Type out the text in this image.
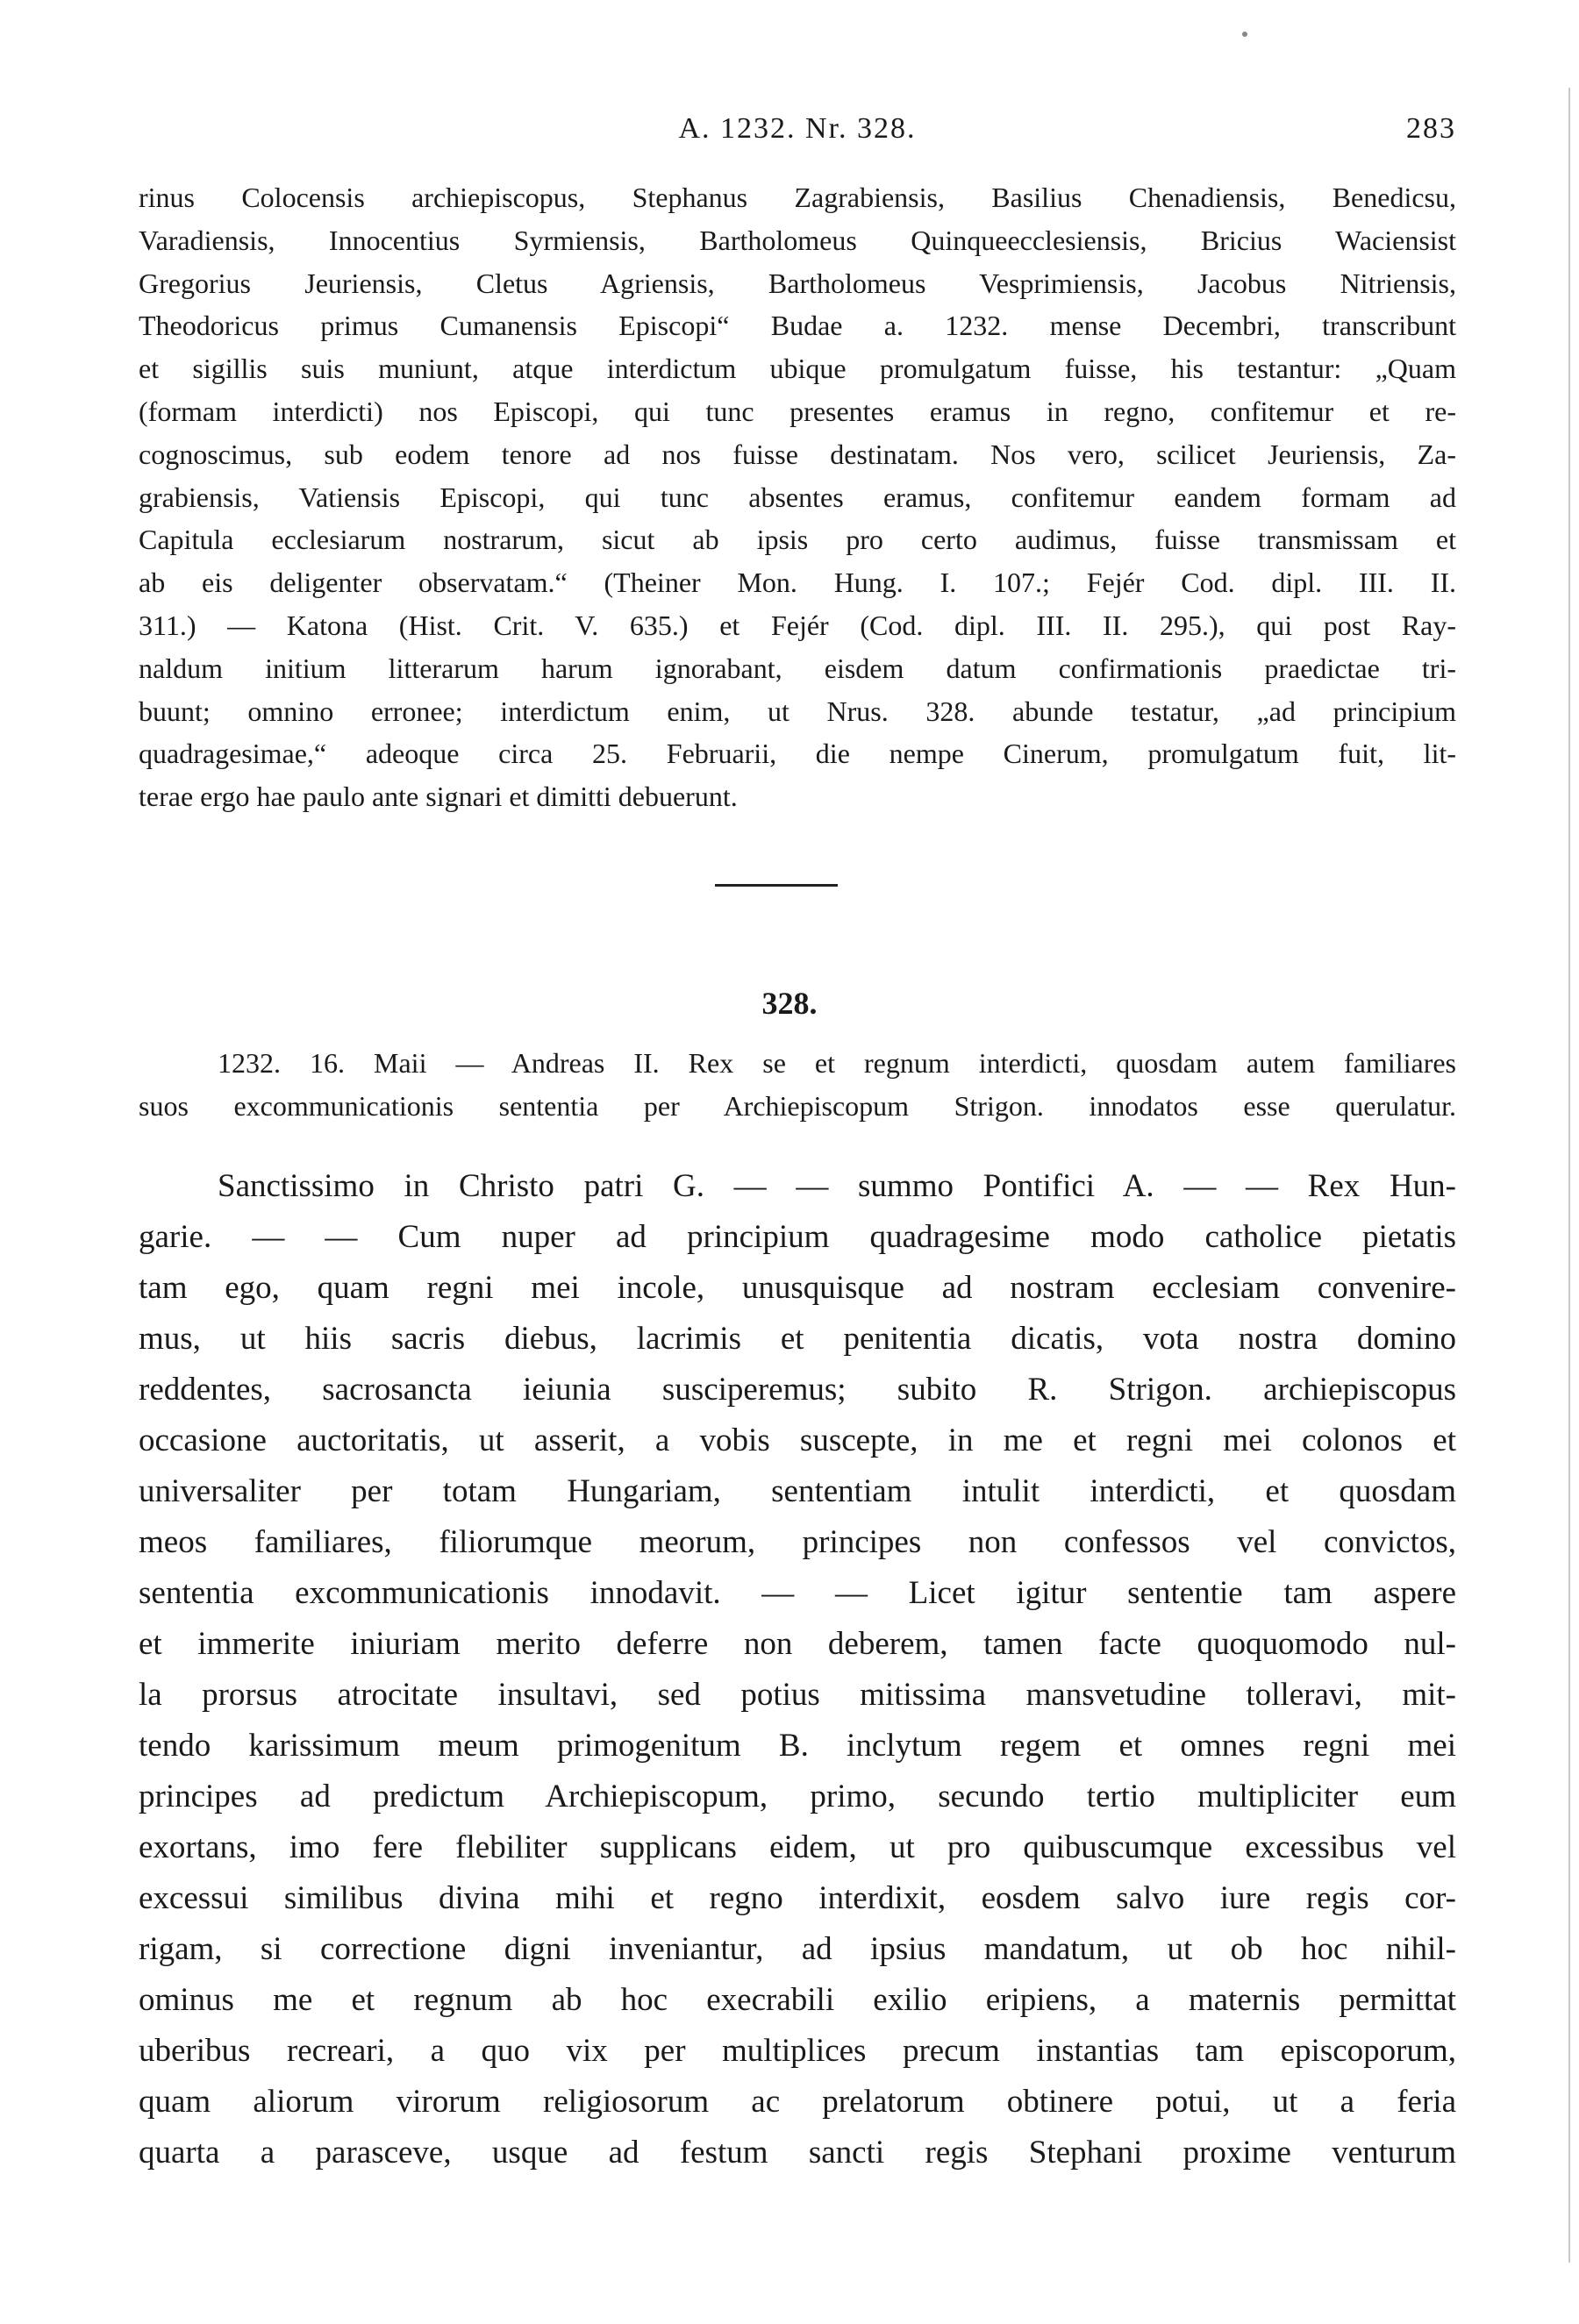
A. 1232. Nr. 328.	283
rinus Colocensis archiepiscopus, Stephanus Zagrabiensis, Basilius Chenadiensis, Benedicsu,
Varadiensis, Innocentius Syrmiensis, Bartholomeus Quinqueecclesiensis, Bricius Waciensist
Gregorius Jeuriensis, Cletus Agriensis, Bartholomeus Vesprimiensis, Jacobus Nitriensis,
Theodoricus primus Cumanensis Episcopi“ Budae a. 1232. mense Decembri, transcribunt
et sigillis suis muniunt, atque interdictum ubique promulgatum fuisse, his testantur: „Quam
(formam interdicti) nos Episcopi, qui tunc presentes eramus in regno, confitemur et re-
cognoscimus, sub eodem tenore ad nos fuisse destinatam. Nos vero, scilicet Jeuriensis, Za-
grabiensis, Vatiensis Episcopi, qui tunc absentes eramus, confitemur eandem formam ad
Capitula ecclesiarum nostrarum, sicut ab ipsis pro certo audimus, fuisse transmissam et
ab eis deligenter observatam.“ (Theiner Mon. Hung. I. 107.; Fejér Cod. dipl. III. II.
311.) — Katona (Hist. Crit. V. 635.) et Fejér (Cod. dipl. III. II. 295.), qui post Ray-
naldum initium litterarum harum ignorabant, eisdem datum confirmationis praedictae tri-
buunt; omnino erronee; interdictum enim, ut Nrus. 328. abunde testatur, „ad principium
quadragesimae,“ adeoque circa 25. Februarii, die nempe Cinerum, promulgatum fuit, lit-
terae ergo hae paulo ante signari et dimitti debuerunt.
328.
1232. 16. Maii — Andreas II. Rex se et regnum interdicti, quosdam autem familiares
suos excommunicationis sententia per Archiepiscopum Strigon. innodatos esse querulatur.
Sanctissimo in Christo patri G. — — summo Pontifici A. — — Rex Hun-
garie. — — Cum nuper ad principium quadragesime modo catholice pietatis
tam ego, quam regni mei incole, unusquisque ad nostram ecclesiam convenire-
mus, ut hiis sacris diebus, lacrimis et penitentia dicatis, vota nostra domino
reddentes, sacrosancta ieiunia susciperemus; subito R. Strigon. archiepiscopus
occasione auctoritatis, ut asserit, a vobis suscepte, in me et regni mei colonos et
universaliter per totam Hungariam, sententiam intulit interdicti, et quosdam
meos familiares, filiorumque meorum, principes non confessos vel convictos,
sententia excommunicationis innodavit. — — Licet igitur sententie tam aspere
et immerite iniuriam merito deferre non deberem, tamen facte quoquomodo nul-
la prorsus atrocitate insultavi, sed potius mitissima mansvetudine tolleravi, mit-
tendo karissimum meum primogenitum B. inclytum regem et omnes regni mei
principes ad predictum Archiepiscopum, primo, secundo tertio multipliciter eum
exortans, imo fere flebiliter supplicans eidem, ut pro quibuscumque excessibus vel
excessui similibus divina mihi et regno interdixit, eosdem salvo iure regis cor-
rigam, si correctione digni inveniantur, ad ipsius mandatum, ut ob hoc nihil-
ominus me et regnum ab hoc execrabili exilio eripiens, a maternis permittat
uberibus recreari, a quo vix per multiplices precum instantias tam episcoporum,
quam aliorum virorum religiosorum ac prelatorum obtinere potui, ut a feria
quarta a parasceve, usque ad festum sancti regis Stephani proxime venturum
